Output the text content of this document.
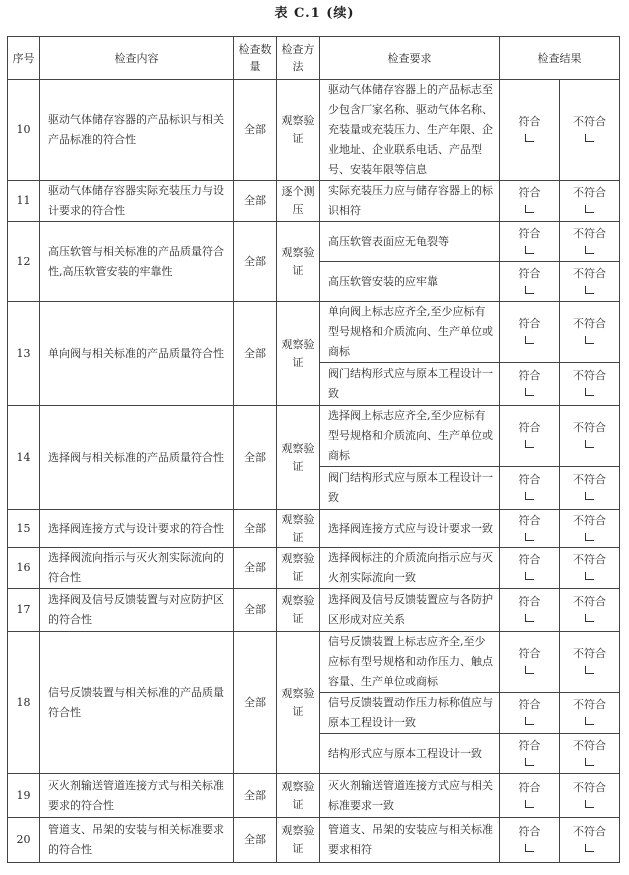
表 C.1 (续)
序号	检查内容	检查数量	检查方法	检查要求	检查结果	
10	驱动气体储存容器的产品标识与相关产品标准的符合性	全部	观察验证	驱动气体储存容器上的产品标志至少包含厂家名称、驱动气体名称、充装量或充装压力、生产年限、企业地址、企业联系电话、产品型号、安装年限等信息	符合	不符合

11	驱动气体储存容器实际充装压力与设计要求的符合性	全部	逐个测压	实际充装压力应与储存容器上的标识相符	符合	不符合

12	高压软管与相关标准的产品质量符合性,高压软管安装的牢靠性	全部	观察验证	高压软管表面应无龟裂等	符合	不符合

				高压软管安装的应牢靠	符合	不符合

13	单向阀与相关标准的产品质量符合性	全部	观察验证	单向阀上标志应齐全,至少应标有型号规格和介质流向、生产单位或商标	符合	不符合

				阀门结构形式应与原本工程设计一致	符合	不符合

14	选择阀与相关标准的产品质量符合性	全部	观察验证	选择阀上标志应齐全,至少应标有型号规格和介质流向、生产单位或商标	符合	不符合

				阀门结构形式应与原本工程设计一致	符合	不符合

15	选择阀连接方式与设计要求的符合性	全部	观察验证	选择阀连接方式应与设计要求一致	符合	不符合

16	选择阀流向指示与灭火剂实际流向的符合性	全部	观察验证	选择阀标注的介质流向指示应与灭火剂实际流向一致	符合	不符合

17	选择阀及信号反馈装置与对应防护区的符合性	全部	观察验证	选择阀及信号反馈装置应与各防护区形成对应关系	符合	不符合

18	信号反馈装置与相关标准的产品质量符合性	全部	观察验证	信号反馈装置上标志应齐全,至少应标有型号规格和动作压力、触点容量、生产单位或商标	符合	不符合

				信号反馈装置动作压力标称值应与原本工程设计一致	符合	不符合

				结构形式应与原本工程设计一致	符合	不符合

19	灭火剂输送管道连接方式与相关标准要求的符合性	全部	观察验证	灭火剂输送管道连接方式应与相关标准要求一致	符合	不符合

20	管道支、吊架的安装与相关标准要求的符合性	全部	观察验证	管道支、吊架的安装应与相关标准要求相符	符合	不符合
